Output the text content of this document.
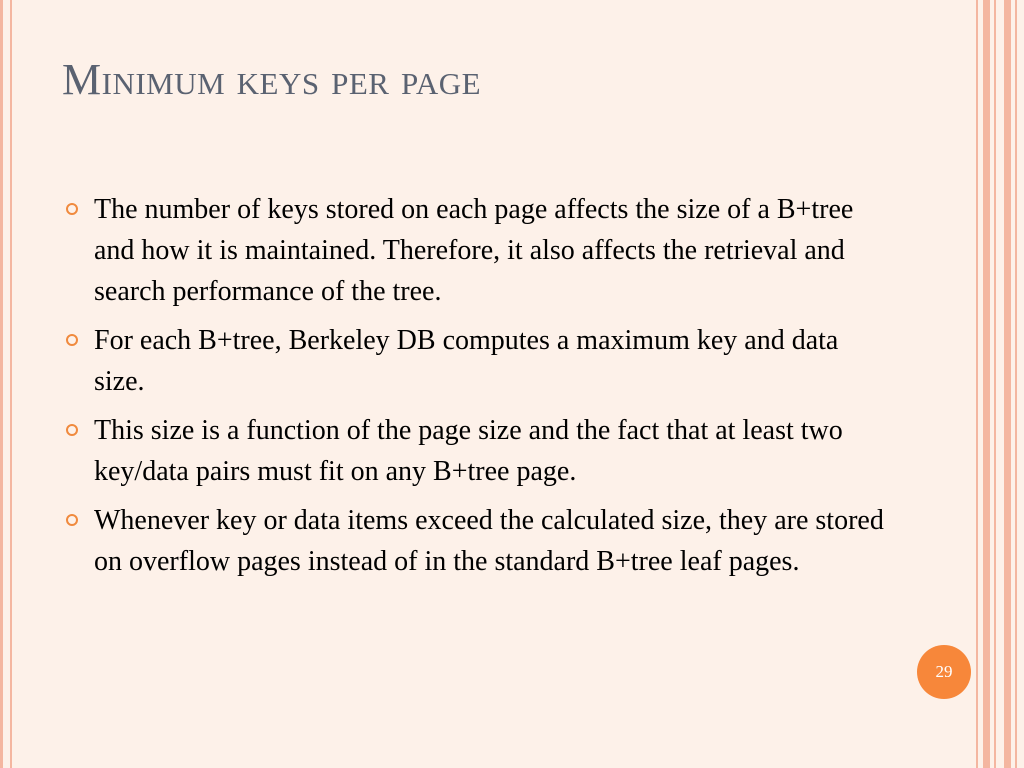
Minimum keys per page
The number of keys stored on each page affects the size of a B+tree and how it is maintained. Therefore, it also affects the retrieval and search performance of the tree.
For each B+tree, Berkeley DB computes a maximum key and data size.
This size is a function of the page size and the fact that at least two key/data pairs must fit on any B+tree page.
Whenever key or data items exceed the calculated size, they are stored on overflow pages instead of in the standard B+tree leaf pages.
29
